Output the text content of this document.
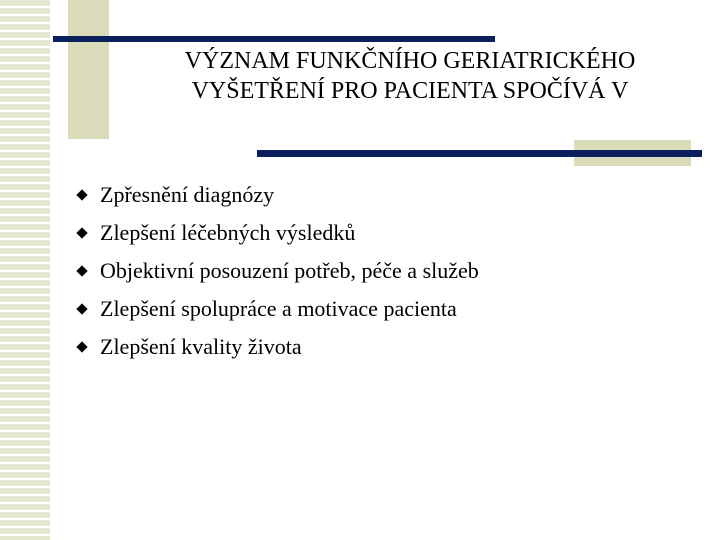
VÝZNAM FUNKČNÍHO GERIATRICKÉHO
VYŠETŘENÍ PRO PACIENTA SPOČÍVÁ V
Zpřesnění diagnózy
Zlepšení léčebných výsledků
Objektivní posouzení potřeb, péče a služeb
Zlepšení spolupráce a motivace pacienta
Zlepšení kvality života
